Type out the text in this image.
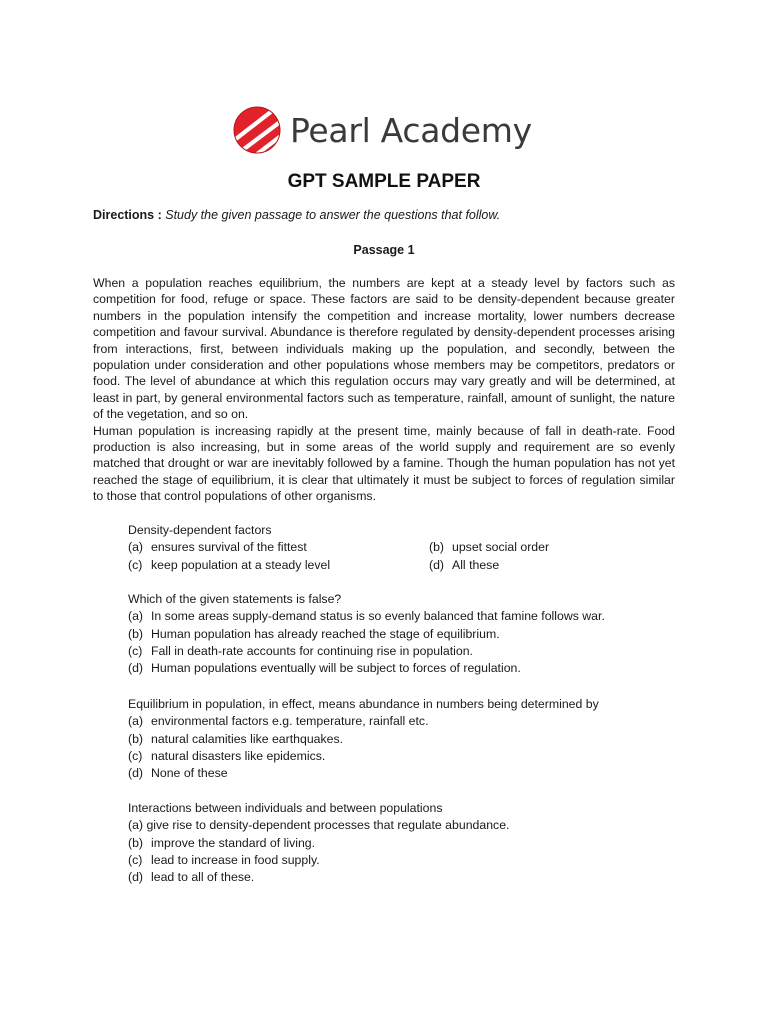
Pearl Academy
GPT SAMPLE PAPER
Directions : Study the given passage to answer the questions that follow.
Passage 1

When a population reaches equilibrium, the numbers are kept at a steady level by factors such as competition for food, refuge or space. These factors are said to be density-dependent because greater numbers in the population intensify the competition and increase mortality, lower numbers decrease competition and favour survival. Abundance is therefore regulated by density-dependent processes arising from interactions, first, between individuals making up the population, and secondly, between the population under consideration and other populations whose members may be competitors, predators or food. The level of abundance at which this regulation occurs may vary greatly and will be determined, at least in part, by general environmental factors such as temperature, rainfall, amount of sunlight, the nature of the vegetation, and so on.

Human population is increasing rapidly at the present time, mainly because of fall in death-rate. Food production is also increasing, but in some areas of the world supply and requirement are so evenly matched that drought or war are inevitably followed by a famine. Though the human population has not yet reached the stage of equilibrium, it is clear that ultimately it must be subject to forces of regulation similar to those that control populations of other organisms.

Density-dependent factors

(a) ensures survival of the fittest	(b) upset social order
(c) keep population at a steady level	(d) All these

Which of the given statements is false?

(a) In some areas supply-demand status is so evenly balanced that famine follows war.
(b) Human population has already reached the stage of equilibrium.
(c) Fall in death-rate accounts for continuing rise in population.
(d) Human populations eventually will be subject to forces of regulation.

Equilibrium in population, in effect, means abundance in numbers being determined by

(a) environmental factors e.g. temperature, rainfall etc.
(b) natural calamities like earthquakes.
(c) natural disasters like epidemics.
(d) None of these

Interactions between individuals and between populations

(a) give rise to density-dependent processes that regulate abundance.
(b) improve the standard of living.
(c) lead to increase in food supply.
(d) lead to all of these.
